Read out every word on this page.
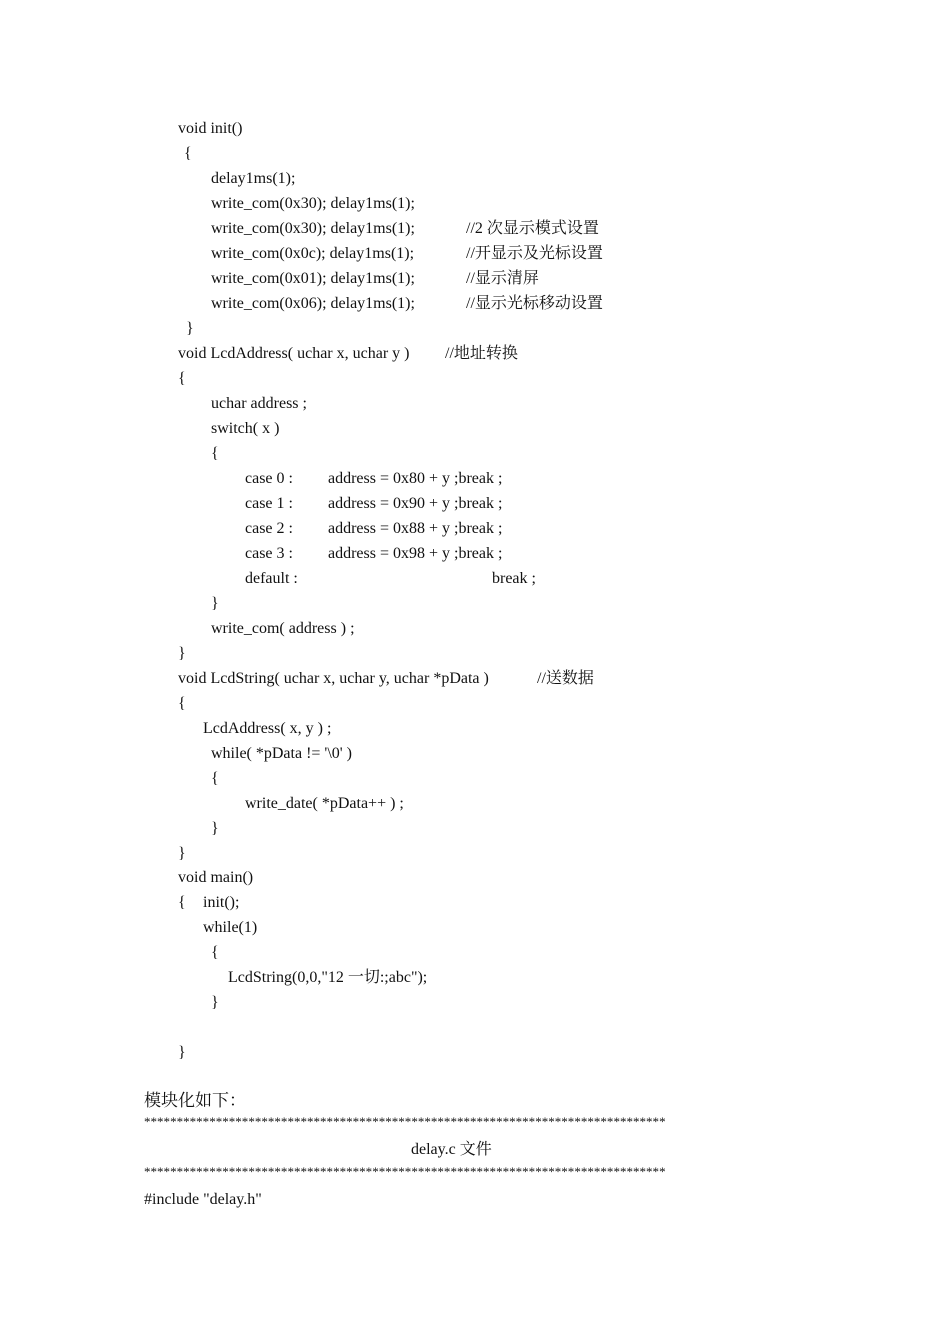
void init()
{
delay1ms(1);
write_com(0x30); delay1ms(1);
write_com(0x30); delay1ms(1);	//2 次显示模式设置
write_com(0x0c); delay1ms(1);	//开显示及光标设置
write_com(0x01); delay1ms(1);	//显示清屏
write_com(0x06); delay1ms(1);	//显示光标移动设置
}
void LcdAddress( uchar x, uchar y ) //地址转换
{
uchar address ;
switch( x )
{
case 0 : address = 0x80 + y ;break ;
case 1 : address = 0x90 + y ;break ;
case 2 : address = 0x88 + y ;break ;
case 3 : address = 0x98 + y ;break ;
default :	break ;
}
write_com( address ) ;
}
void LcdString( uchar x, uchar y, uchar *pData )	//送数据
{
LcdAddress( x, y ) ;
while( *pData != '\0' )
{
write_date( *pData++ ) ;
}
}
void main()
{ init();
while(1)
{
LcdString(0,0,"12 一切:;abc");
}
}
模块化如下：
********************************************************************************
delay.c 文件
********************************************************************************
#include "delay.h"
